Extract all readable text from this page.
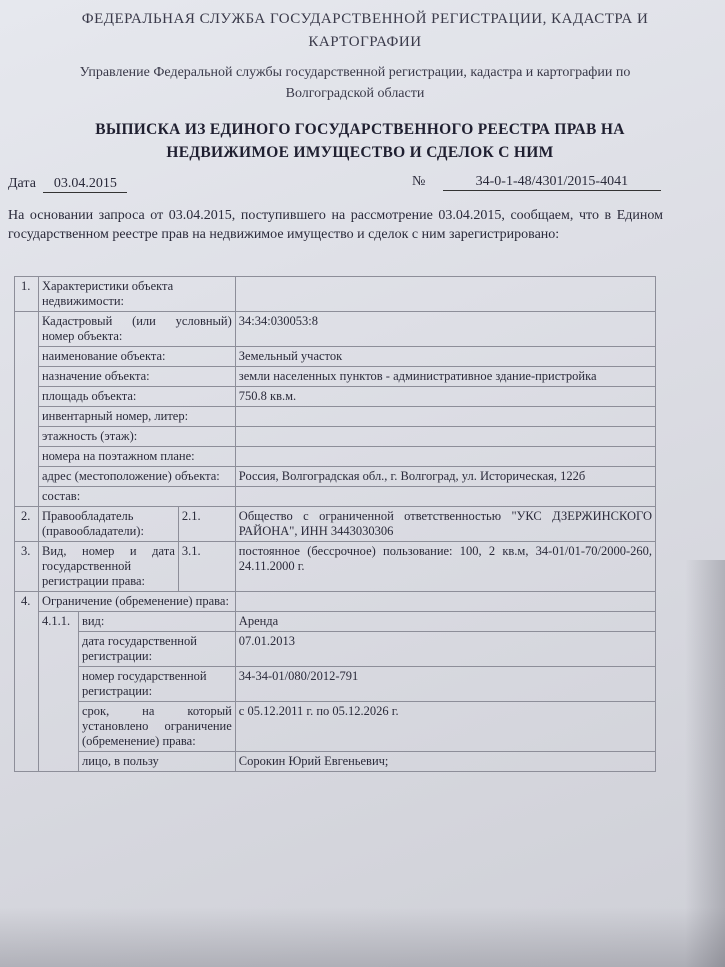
ФЕДЕРАЛЬНАЯ СЛУЖБА ГОСУДАРСТВЕННОЙ РЕГИСТРАЦИИ, КАДАСТРА И
КАРТОГРАФИИ
Управление Федеральной службы государственной регистрации, кадастра и картографии по
Волгоградской области
ВЫПИСКА ИЗ ЕДИНОГО ГОСУДАРСТВЕННОГО РЕЕСТРА ПРАВ НА
НЕДВИЖИМОЕ ИМУЩЕСТВО И СДЕЛОК С НИМ
Дата 03.04.2015	№	34-0-1-48/4301/2015-4041
На основании запроса от 03.04.2015, поступившего на рассмотрение 03.04.2015, сообщаем, что в Едином государственном реестре прав на недвижимое имущество и сделок с ним зарегистрировано:
1.	Характеристики объекта недвижимости:			
	Кадастровый (или условный) номер объекта:			34:34:030053:8
	наименование объекта:			Земельный участок
	назначение объекта:			земли населенных пунктов - административное здание-пристройка
	площадь объекта:			750.8 кв.м.
	инвентарный номер, литер:			
	этажность (этаж):			
	номера на поэтажном плане:			
	адрес (местоположение) объекта:			Россия, Волгоградская обл., г. Волгоград, ул. Историческая, 122б
	состав:			
2.	Правообладатель (правообладатели):		2.1.	Общество с ограниченной ответственностью "УКС ДЗЕРЖИНСКОГО РАЙОНА", ИНН 3443030306
3.	Вид, номер и дата государственной регистрации права:		3.1.	постоянное (бессрочное) пользование: 100, 2 кв.м, 34-01/01-70/2000-260, 24.11.2000 г.
4.	Ограничение (обременение) права:			
	4.1.1.	вид:		Аренда
		дата государственной регистрации:		07.01.2013
		номер государственной регистрации:		34-34-01/080/2012-791
		срок, на который установлено ограничение (обременение) права:		с 05.12.2011 г. по 05.12.2026 г.
		лицо, в пользу		Сорокин Юрий Евгеньевич;
